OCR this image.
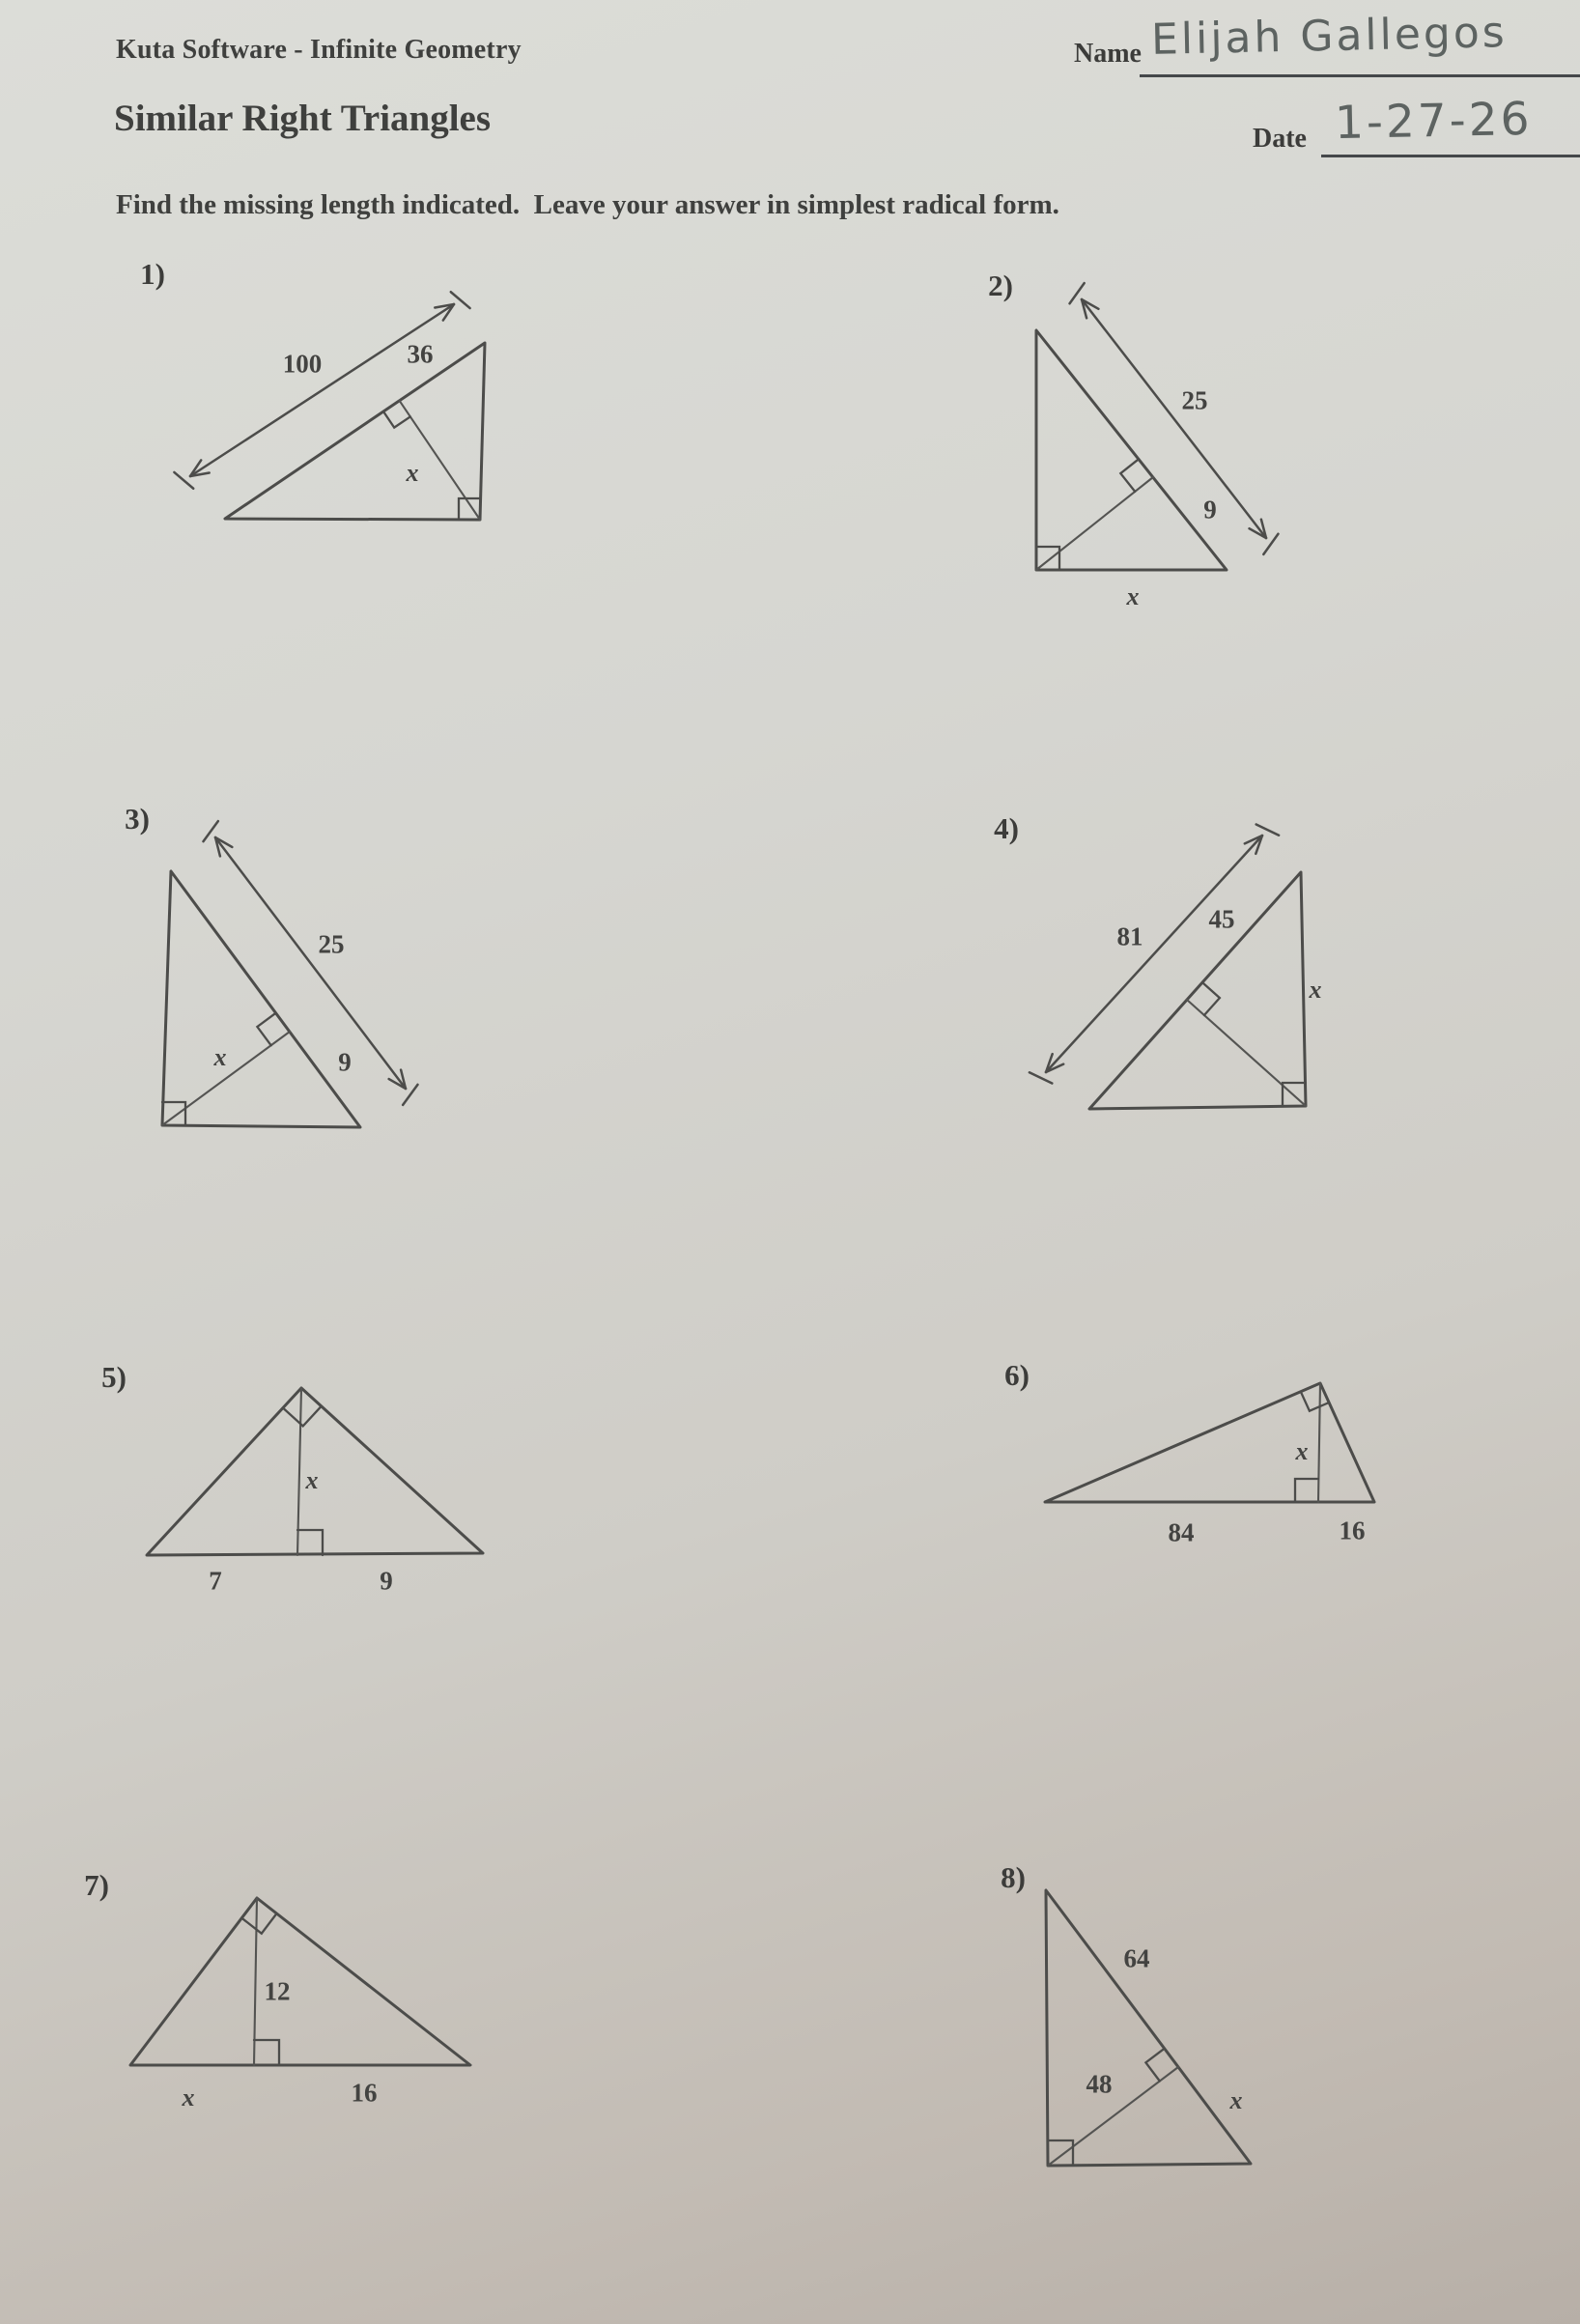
Kuta Software - Infinite Geometry
Similar Right Triangles
Name Elijah Gallegos
Date 1-27-26
Find the missing length indicated.  Leave your answer in simplest radical form.
1)
100	36
x
2)
25
9
x
3)
25
9
x
4)
81
45
x
5)
x
7	9
6)
x
84	16
7)
12
x	16
8)
64
48
x
